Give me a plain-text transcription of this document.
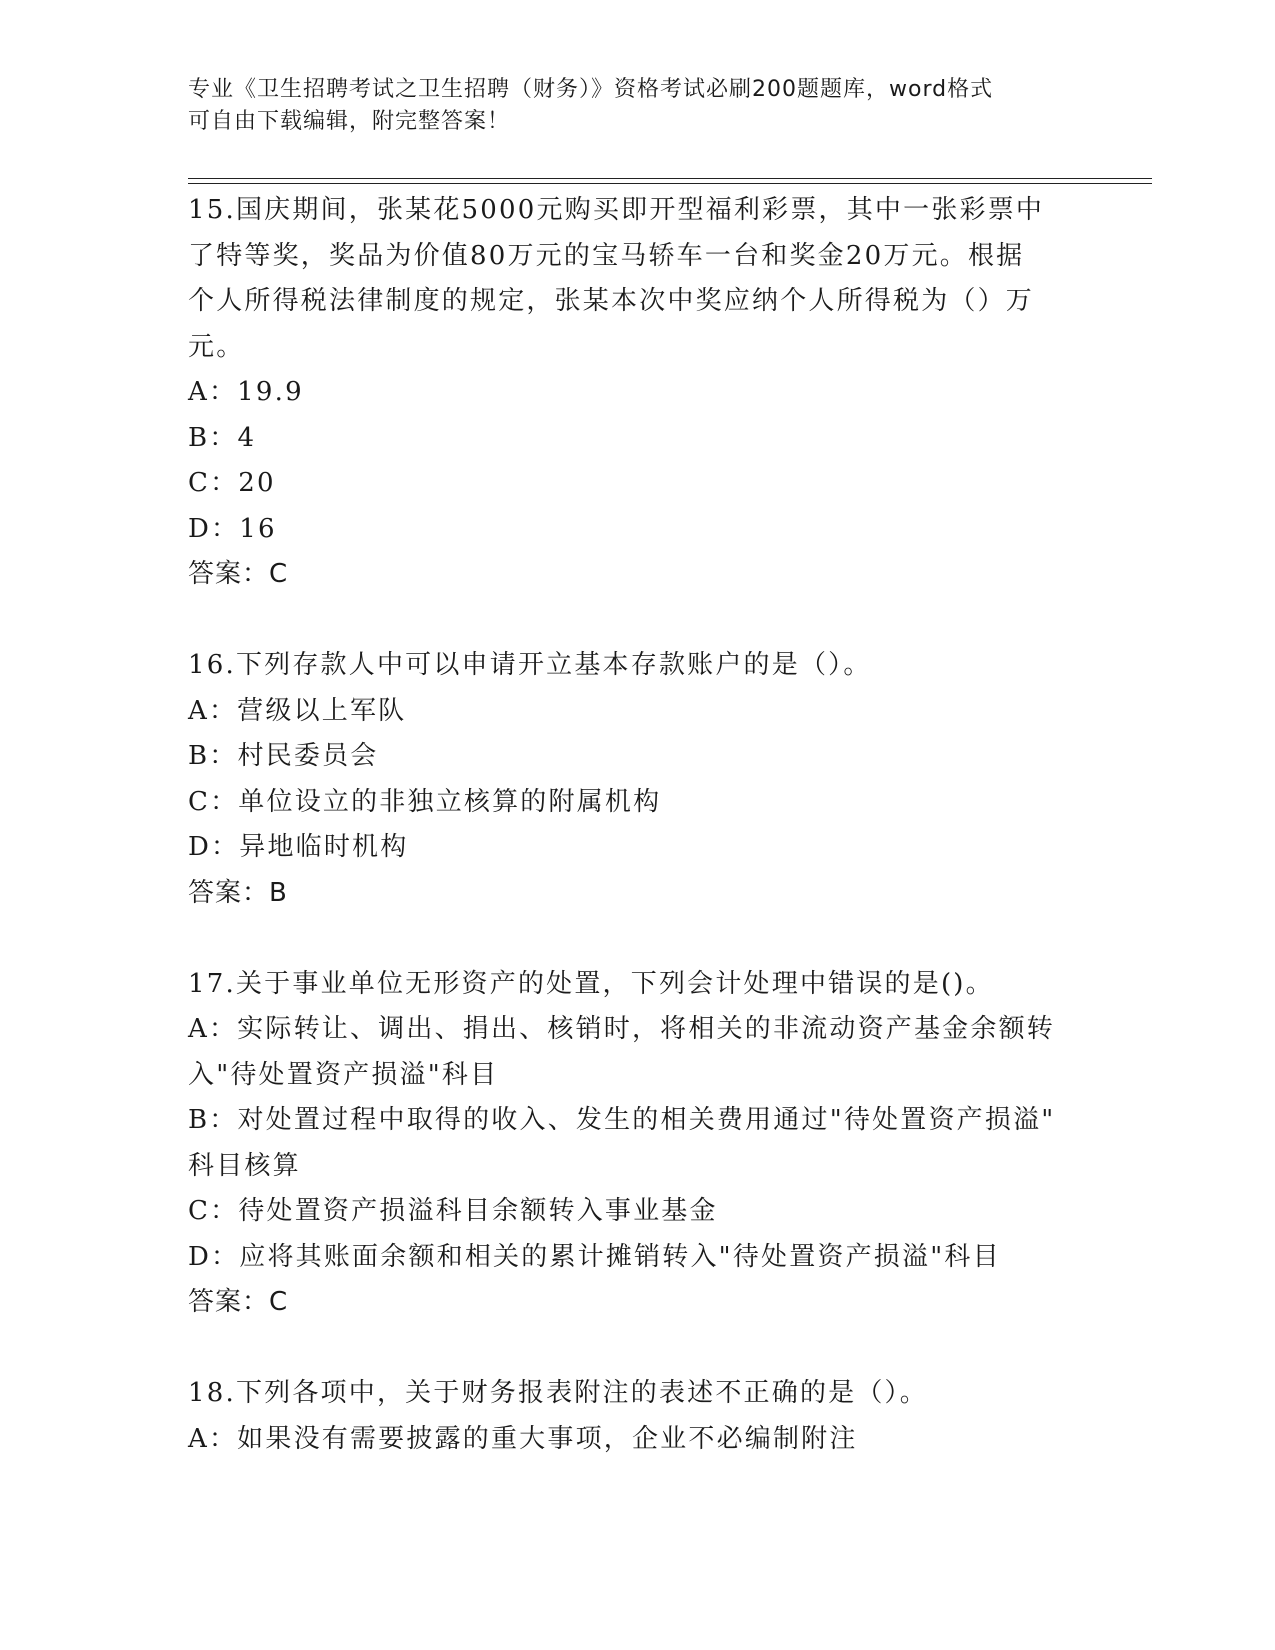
专业《卫生招聘考试之卫生招聘（财务）》资格考试必刷200题题库，word格式
可自由下载编辑，附完整答案！

15.国庆期间，张某花5000元购买即开型福利彩票，其中一张彩票中

了特等奖，奖品为价值80万元的宝马轿车一台和奖金20万元。根据

个人所得税法律制度的规定，张某本次中奖应纳个人所得税为（）万

元。

A：19.9

B：4

C：20

D：16

答案：C

16.下列存款人中可以申请开立基本存款账户的是（）。

A：营级以上军队

B：村民委员会

C：单位设立的非独立核算的附属机构

D：异地临时机构

答案：B

17.关于事业单位无形资产的处置，下列会计处理中错误的是()。

A：实际转让、调出、捐出、核销时，将相关的非流动资产基金余额转

入"待处置资产损溢"科目

B：对处置过程中取得的收入、发生的相关费用通过"待处置资产损溢"

科目核算

C：待处置资产损溢科目余额转入事业基金

D：应将其账面余额和相关的累计摊销转入"待处置资产损溢"科目

答案：C

18.下列各项中，关于财务报表附注的表述不正确的是（）。

A：如果没有需要披露的重大事项，企业不必编制附注
